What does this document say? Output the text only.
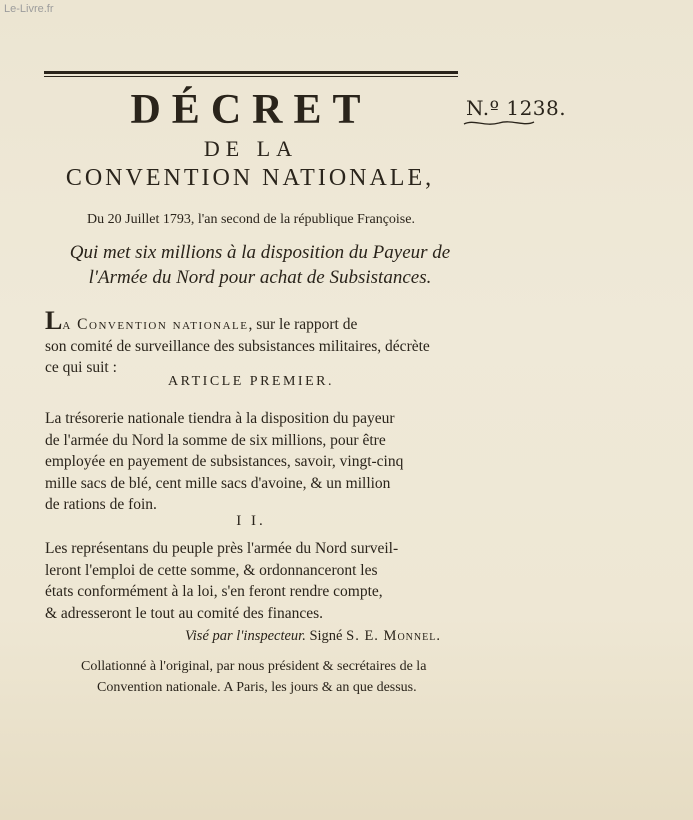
Le-Livre.fr
N.º 1238.
DÉCRET
DE LA
CONVENTION NATIONALE,
Du 20 Juillet 1793, l'an second de la république Françoise.
Qui met six millions à la disposition du Payeur de
l'Armée du Nord pour achat de Subsistances.
La Convention nationale, sur le rapport de
son comité de surveillance des subsistances militaires, décrète
ce qui suit :
ARTICLE PREMIER.
La trésorerie nationale tiendra à la disposition du payeur
de l'armée du Nord la somme de six millions, pour être
employée en payement de subsistances, savoir, vingt-cinq
mille sacs de blé, cent mille sacs d'avoine, & un million
de rations de foin.
I I.
Les représentans du peuple près l'armée du Nord surveil-
leront l'emploi de cette somme, & ordonnanceront les
états conformément à la loi, s'en feront rendre compte,
& adresseront le tout au comité des finances.
Visé par l'inspecteur. Signé S. E. Monnel.
Collationné à l'original, par nous président & secrétaires de la
Convention nationale. A Paris, les jours & an que dessus.
